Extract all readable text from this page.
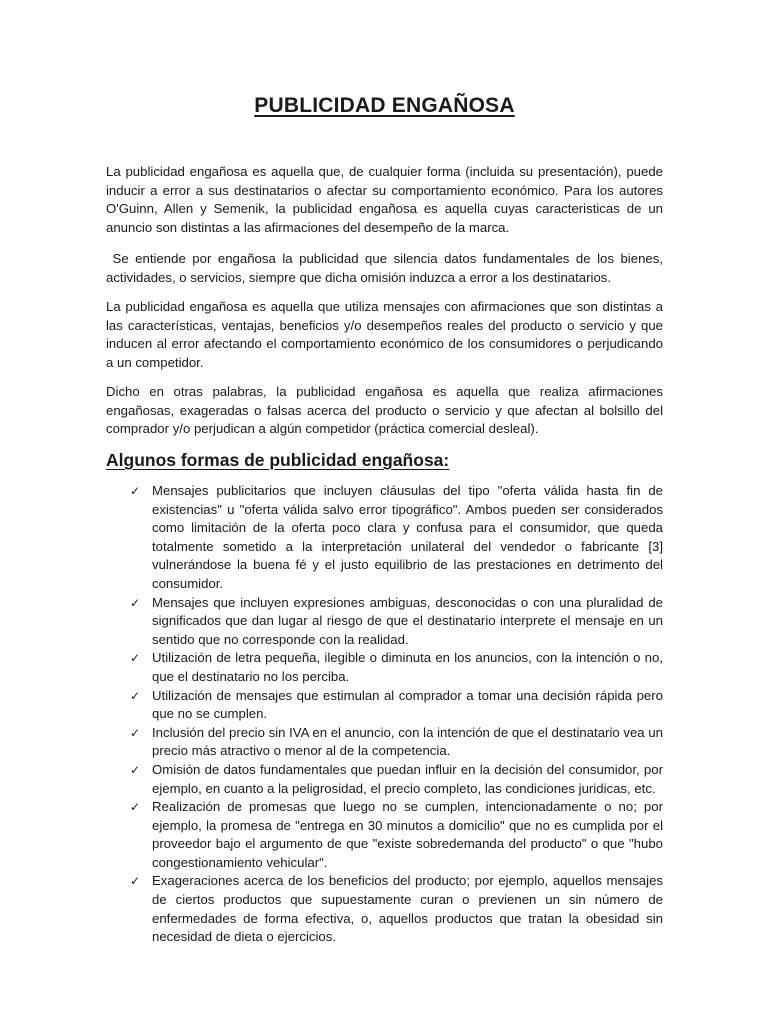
PUBLICIDAD ENGAÑOSA

La publicidad engañosa es aquella que, de cualquier forma (incluida su presentación), puede inducir a error a sus destinatarios o afectar su comportamiento económico. Para los autores O'Guinn, Allen y Semenik, la publicidad engañosa es aquella cuyas caracteristicas de un anuncio son distintas a las afirmaciones del desempeño de la marca.

Se entiende por engañosa la publicidad que silencia datos fundamentales de los bienes, actividades, o servicios, siempre que dicha omisión induzca a error a los destinatarios.

La publicidad engañosa es aquella que utiliza mensajes con afirmaciones que son distintas a las características, ventajas, beneficios y/o desempeños reales del producto o servicio y que inducen al error afectando el comportamiento económico de los consumidores o perjudicando a un competidor.

Dicho en otras palabras, la publicidad engañosa es aquella que realiza afirmaciones engañosas, exageradas o falsas acerca del producto o servicio y que afectan al bolsillo del comprador y/o perjudican a algún competidor (práctica comercial desleal).

Algunos formas de publicidad engañosa:
✓ Mensajes publicitarios que incluyen cláusulas del tipo "oferta válida hasta fin de existencias" u "oferta válida salvo error tipográfico". Ambos pueden ser considerados como limitación de la oferta poco clara y confusa para el consumidor, que queda totalmente sometido a la interpretación unilateral del vendedor o fabricante [3] vulnerándose la buena fé y el justo equilibrio de las prestaciones en detrimento del consumidor.
✓ Mensajes que incluyen expresiones ambiguas, desconocidas o con una pluralidad de significados que dan lugar al riesgo de que el destinatario interprete el mensaje en un sentido que no corresponde con la realidad.
✓ Utilización de letra pequeña, ilegible o diminuta en los anuncios, con la intención o no, que el destinatario no los perciba.
✓ Utilización de mensajes que estimulan al comprador a tomar una decisión rápida pero que no se cumplen.
✓ Inclusión del precio sin IVA en el anuncio, con la intención de que el destinatario vea un precio más atractivo o menor al de la competencia.
✓ Omisión de datos fundamentales que puedan influir en la decisión del consumidor, por ejemplo, en cuanto a la peligrosidad, el precio completo, las condiciones juridicas, etc.
✓ Realización de promesas que luego no se cumplen, intencionadamente o no; por ejemplo, la promesa de "entrega en 30 minutos a domicilio" que no es cumplida por el proveedor bajo el argumento de que "existe sobredemanda del producto" o que "hubo congestionamiento vehicular".
✓ Exageraciones acerca de los beneficios del producto; por ejemplo, aquellos mensajes de ciertos productos que supuestamente curan o previenen un sin número de enfermedades de forma efectiva, o, aquellos productos que tratan la obesidad sin necesidad de dieta o ejercicios.
